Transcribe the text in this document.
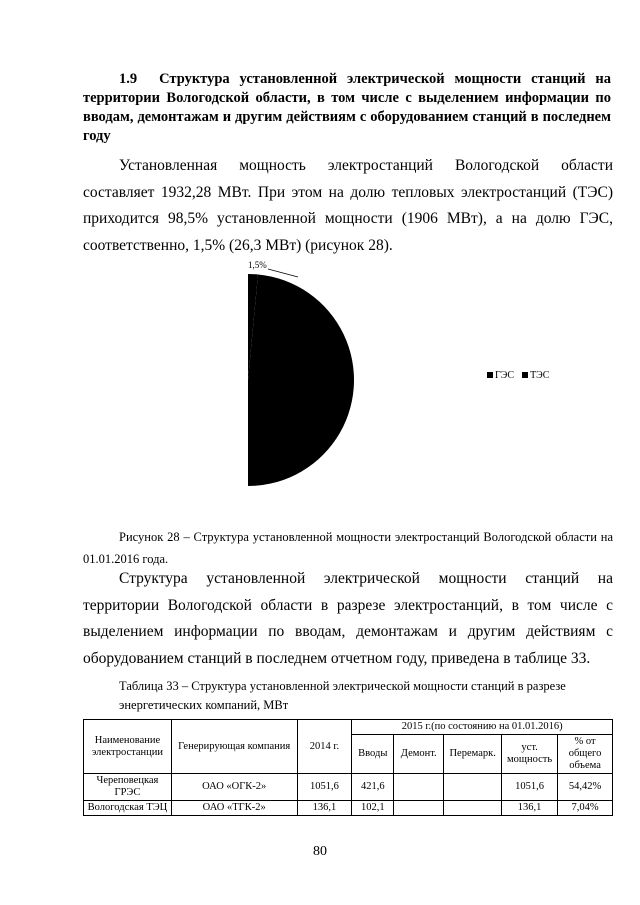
1.9 Структура установленной электрической мощности станций на территории Вологодской области, в том числе с выделением информации по вводам, демонтажам и другим действиям с оборудованием станций в последнем году
Установленная мощность электростанций Вологодской области составляет 1932,28 МВт. При этом на долю тепловых электростанций (ТЭС) приходится 98,5% установленной мощности (1906 МВт), а на долю ГЭС, соответственно, 1,5% (26,3 МВт) (рисунок 28).
1,5%
ГЭС ТЭС
Рисунок 28 – Структура установленной мощности электростанций Вологодской области на 01.01.2016 года.
Структура установленной электрической мощности станций на территории Вологодской области в разрезе электростанций, в том числе с выделением информации по вводам, демонтажам и другим действиям с оборудованием станций в последнем отчетном году, приведена в таблице 33.
Таблица 33 – Структура установленной электрической мощности станций в разрезе энергетических компаний, МВт
Наименование электростанции	Генерирующая компания	2014 г.	2015 г.(по состоянию на 01.01.2016)				
			Вводы	Демонт.	Перемарк.	уст. мощность	% от общего объема
Череповецкая ГРЭС	ОАО «ОГК-2»	1051,6	421,6			1051,6	54,42%
Вологодская ТЭЦ	ОАО «ТГК-2»	136,1	102,1			136,1	7,04%
80
